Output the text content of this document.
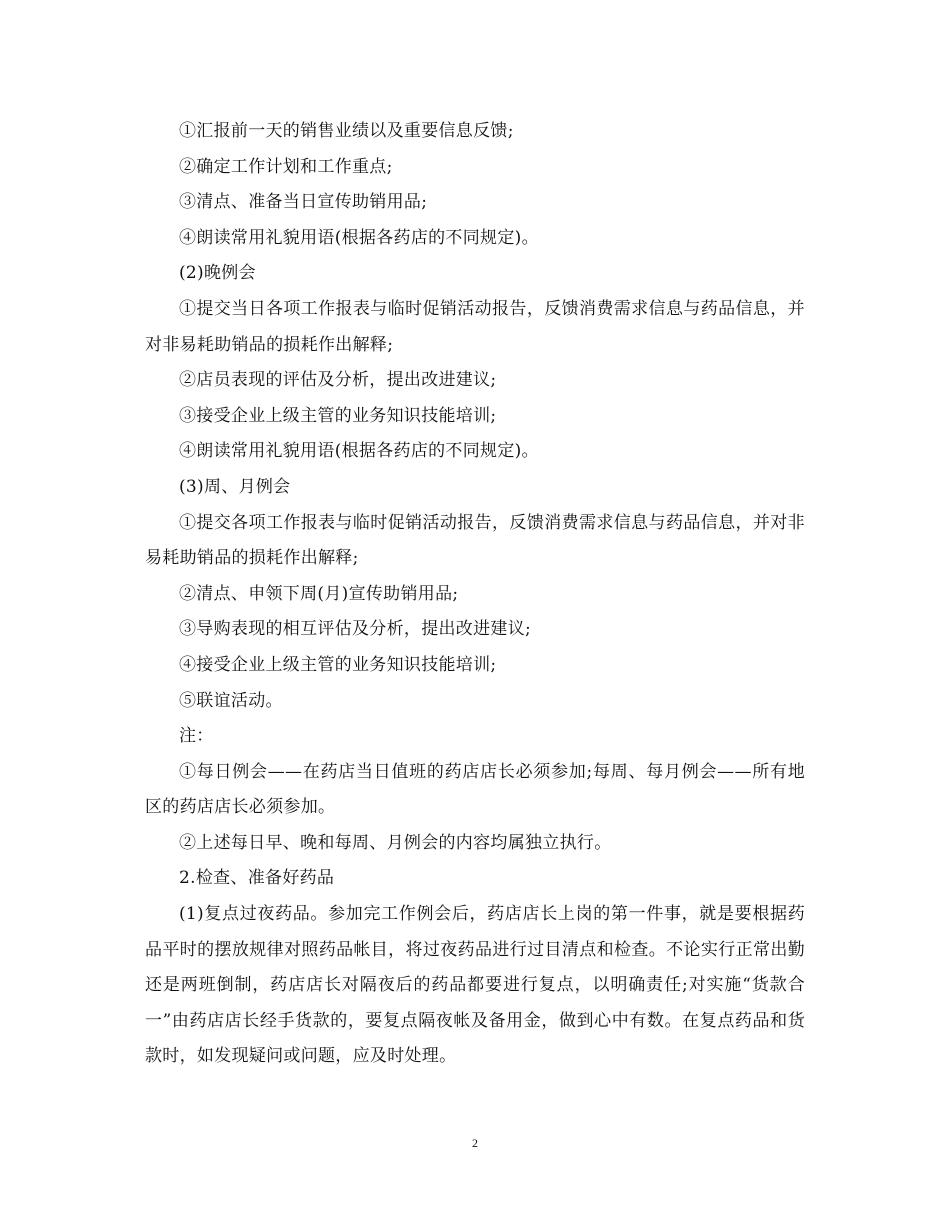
①汇报前一天的销售业绩以及重要信息反馈;

②确定工作计划和工作重点;

③清点、准备当日宣传助销用品;

④朗读常用礼貌用语(根据各药店的不同规定)。

(2)晚例会

①提交当日各项工作报表与临时促销活动报告，反馈消费需求信息与药品信息，并对非易耗助销品的损耗作出解释;

②店员表现的评估及分析，提出改进建议;

③接受企业上级主管的业务知识技能培训;

④朗读常用礼貌用语(根据各药店的不同规定)。

(3)周、月例会

①提交各项工作报表与临时促销活动报告，反馈消费需求信息与药品信息，并对非易耗助销品的损耗作出解释;

②清点、申领下周(月)宣传助销用品;

③导购表现的相互评估及分析，提出改进建议;

④接受企业上级主管的业务知识技能培训;

⑤联谊活动。

注：

①每日例会——在药店当日值班的药店店长必须参加;每周、每月例会——所有地区的药店店长必须参加。

②上述每日早、晚和每周、月例会的内容均属独立执行。

2.检查、准备好药品

(1)复点过夜药品。参加完工作例会后，药店店长上岗的第一件事，就是要根据药品平时的摆放规律对照药品帐目，将过夜药品进行过目清点和检查。不论实行正常出勤还是两班倒制，药店店长对隔夜后的药品都要进行复点，以明确责任;对实施“货款合一”由药店店长经手货款的，要复点隔夜帐及备用金，做到心中有数。在复点药品和货款时，如发现疑问或问题，应及时处理。

2
